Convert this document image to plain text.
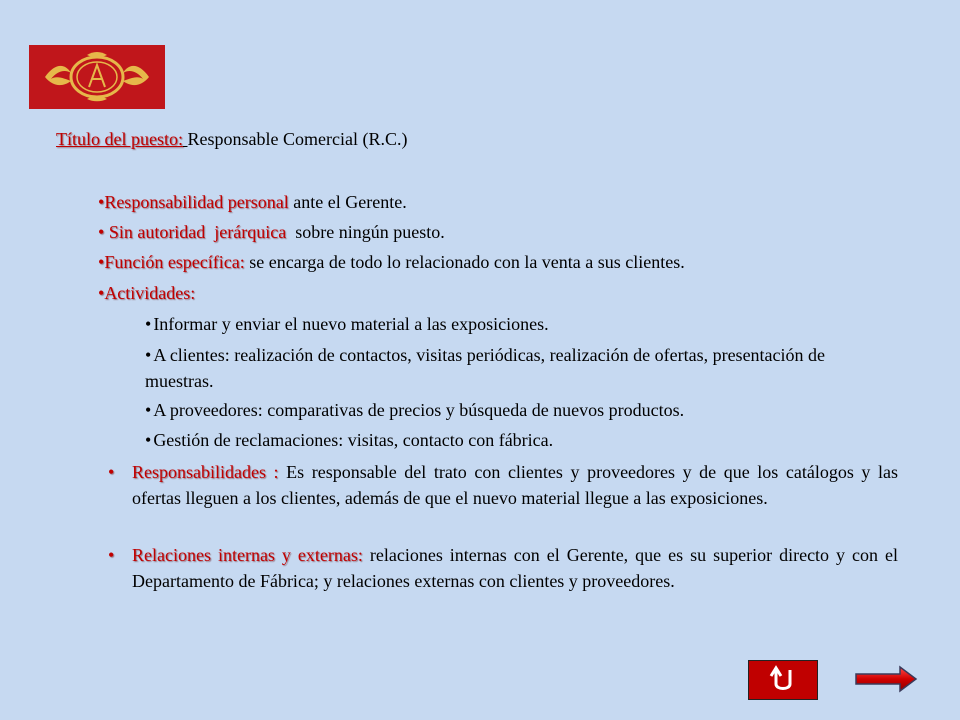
Título del puesto: Responsable Comercial (R.C.)
•Responsabilidad personal ante el Gerente.
• Sin autoridad  jerárquica  sobre ningún puesto.
•Función específica: se encarga de todo lo relacionado con la venta a sus clientes.
•Actividades:
• Informar y enviar el nuevo material a las exposiciones.
• A clientes: realización de contactos, visitas periódicas, realización de ofertas, presentación de muestras.
• A proveedores: comparativas de precios y búsqueda de nuevos productos.
• Gestión de reclamaciones: visitas, contacto con fábrica.
• Responsabilidades : Es responsable del trato con clientes y proveedores y de que los catálogos y las ofertas lleguen a los clientes, además de que el nuevo material llegue a las exposiciones.
• Relaciones internas y externas: relaciones internas con el Gerente, que es su superior directo y con el Departamento de Fábrica; y relaciones externas con clientes y proveedores.
